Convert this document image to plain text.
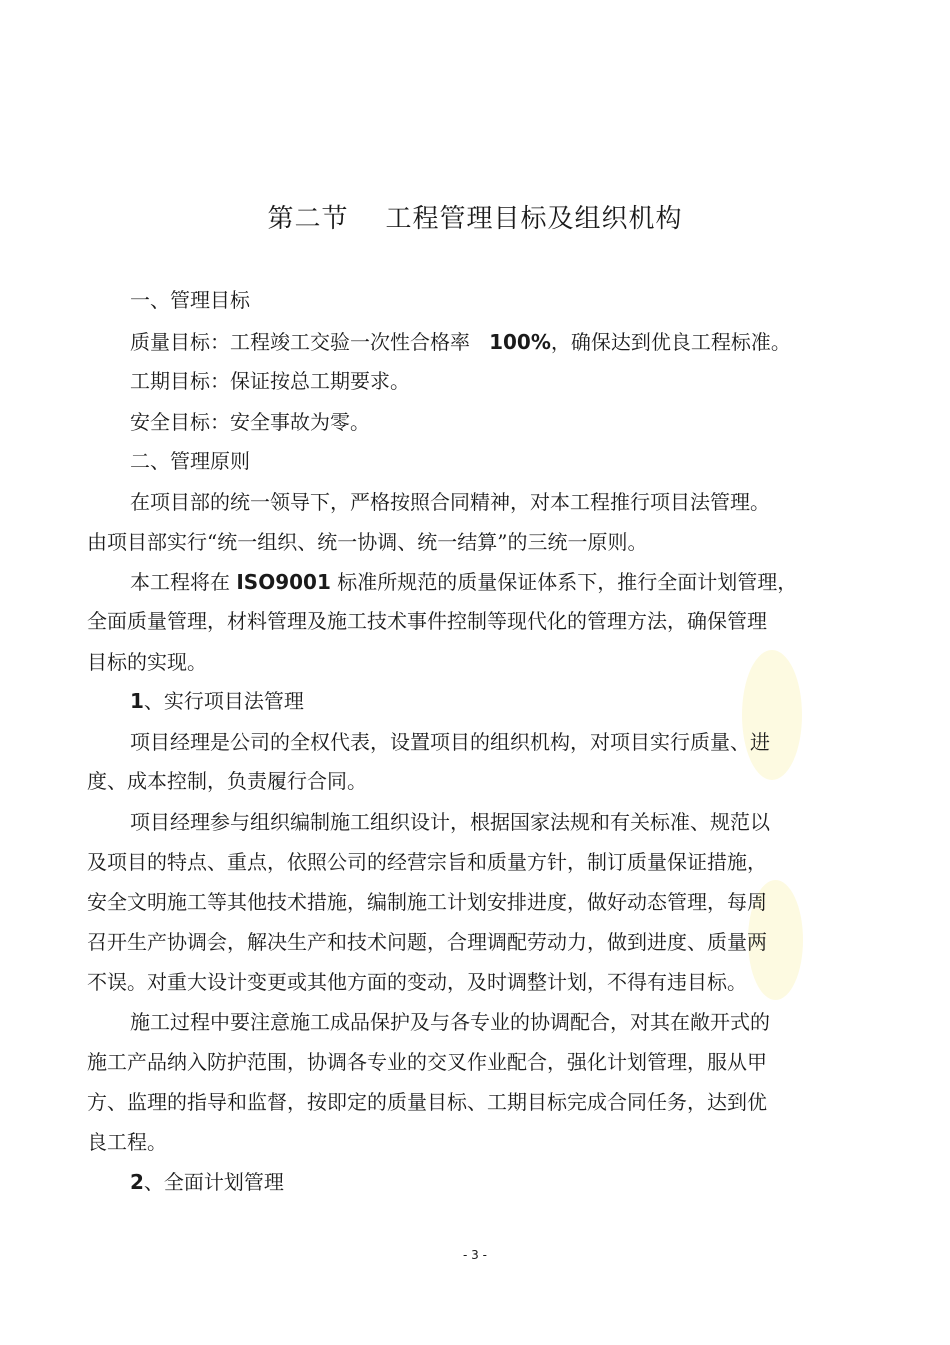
第二节    工程管理目标及组织机构
一、管理目标
质量目标：工程竣工交验一次性合格率   100%，确保达到优良工程标准。
工期目标：保证按总工期要求。
安全目标：安全事故为零。
二、管理原则
在项目部的统一领导下，严格按照合同精神，对本工程推行项目法管理。
由项目部实行“统一组织、统一协调、统一结算”的三统一原则。
本工程将在 ISO9001 标准所规范的质量保证体系下，推行全面计划管理，
全面质量管理，材料管理及施工技术事件控制等现代化的管理方法，确保管理
目标的实现。
1、实行项目法管理
项目经理是公司的全权代表，设置项目的组织机构，对项目实行质量、进
度、成本控制，负责履行合同。
项目经理参与组织编制施工组织设计，根据国家法规和有关标准、规范以
及项目的特点、重点，依照公司的经营宗旨和质量方针，制订质量保证措施，
安全文明施工等其他技术措施，编制施工计划安排进度，做好动态管理，每周
召开生产协调会，解决生产和技术问题，合理调配劳动力，做到进度、质量两
不误。对重大设计变更或其他方面的变动，及时调整计划，不得有违目标。
施工过程中要注意施工成品保护及与各专业的协调配合，对其在敞开式的
施工产品纳入防护范围，协调各专业的交叉作业配合，强化计划管理，服从甲
方、监理的指导和监督，按即定的质量目标、工期目标完成合同任务，达到优
良工程。
2、全面计划管理
- 3 -
